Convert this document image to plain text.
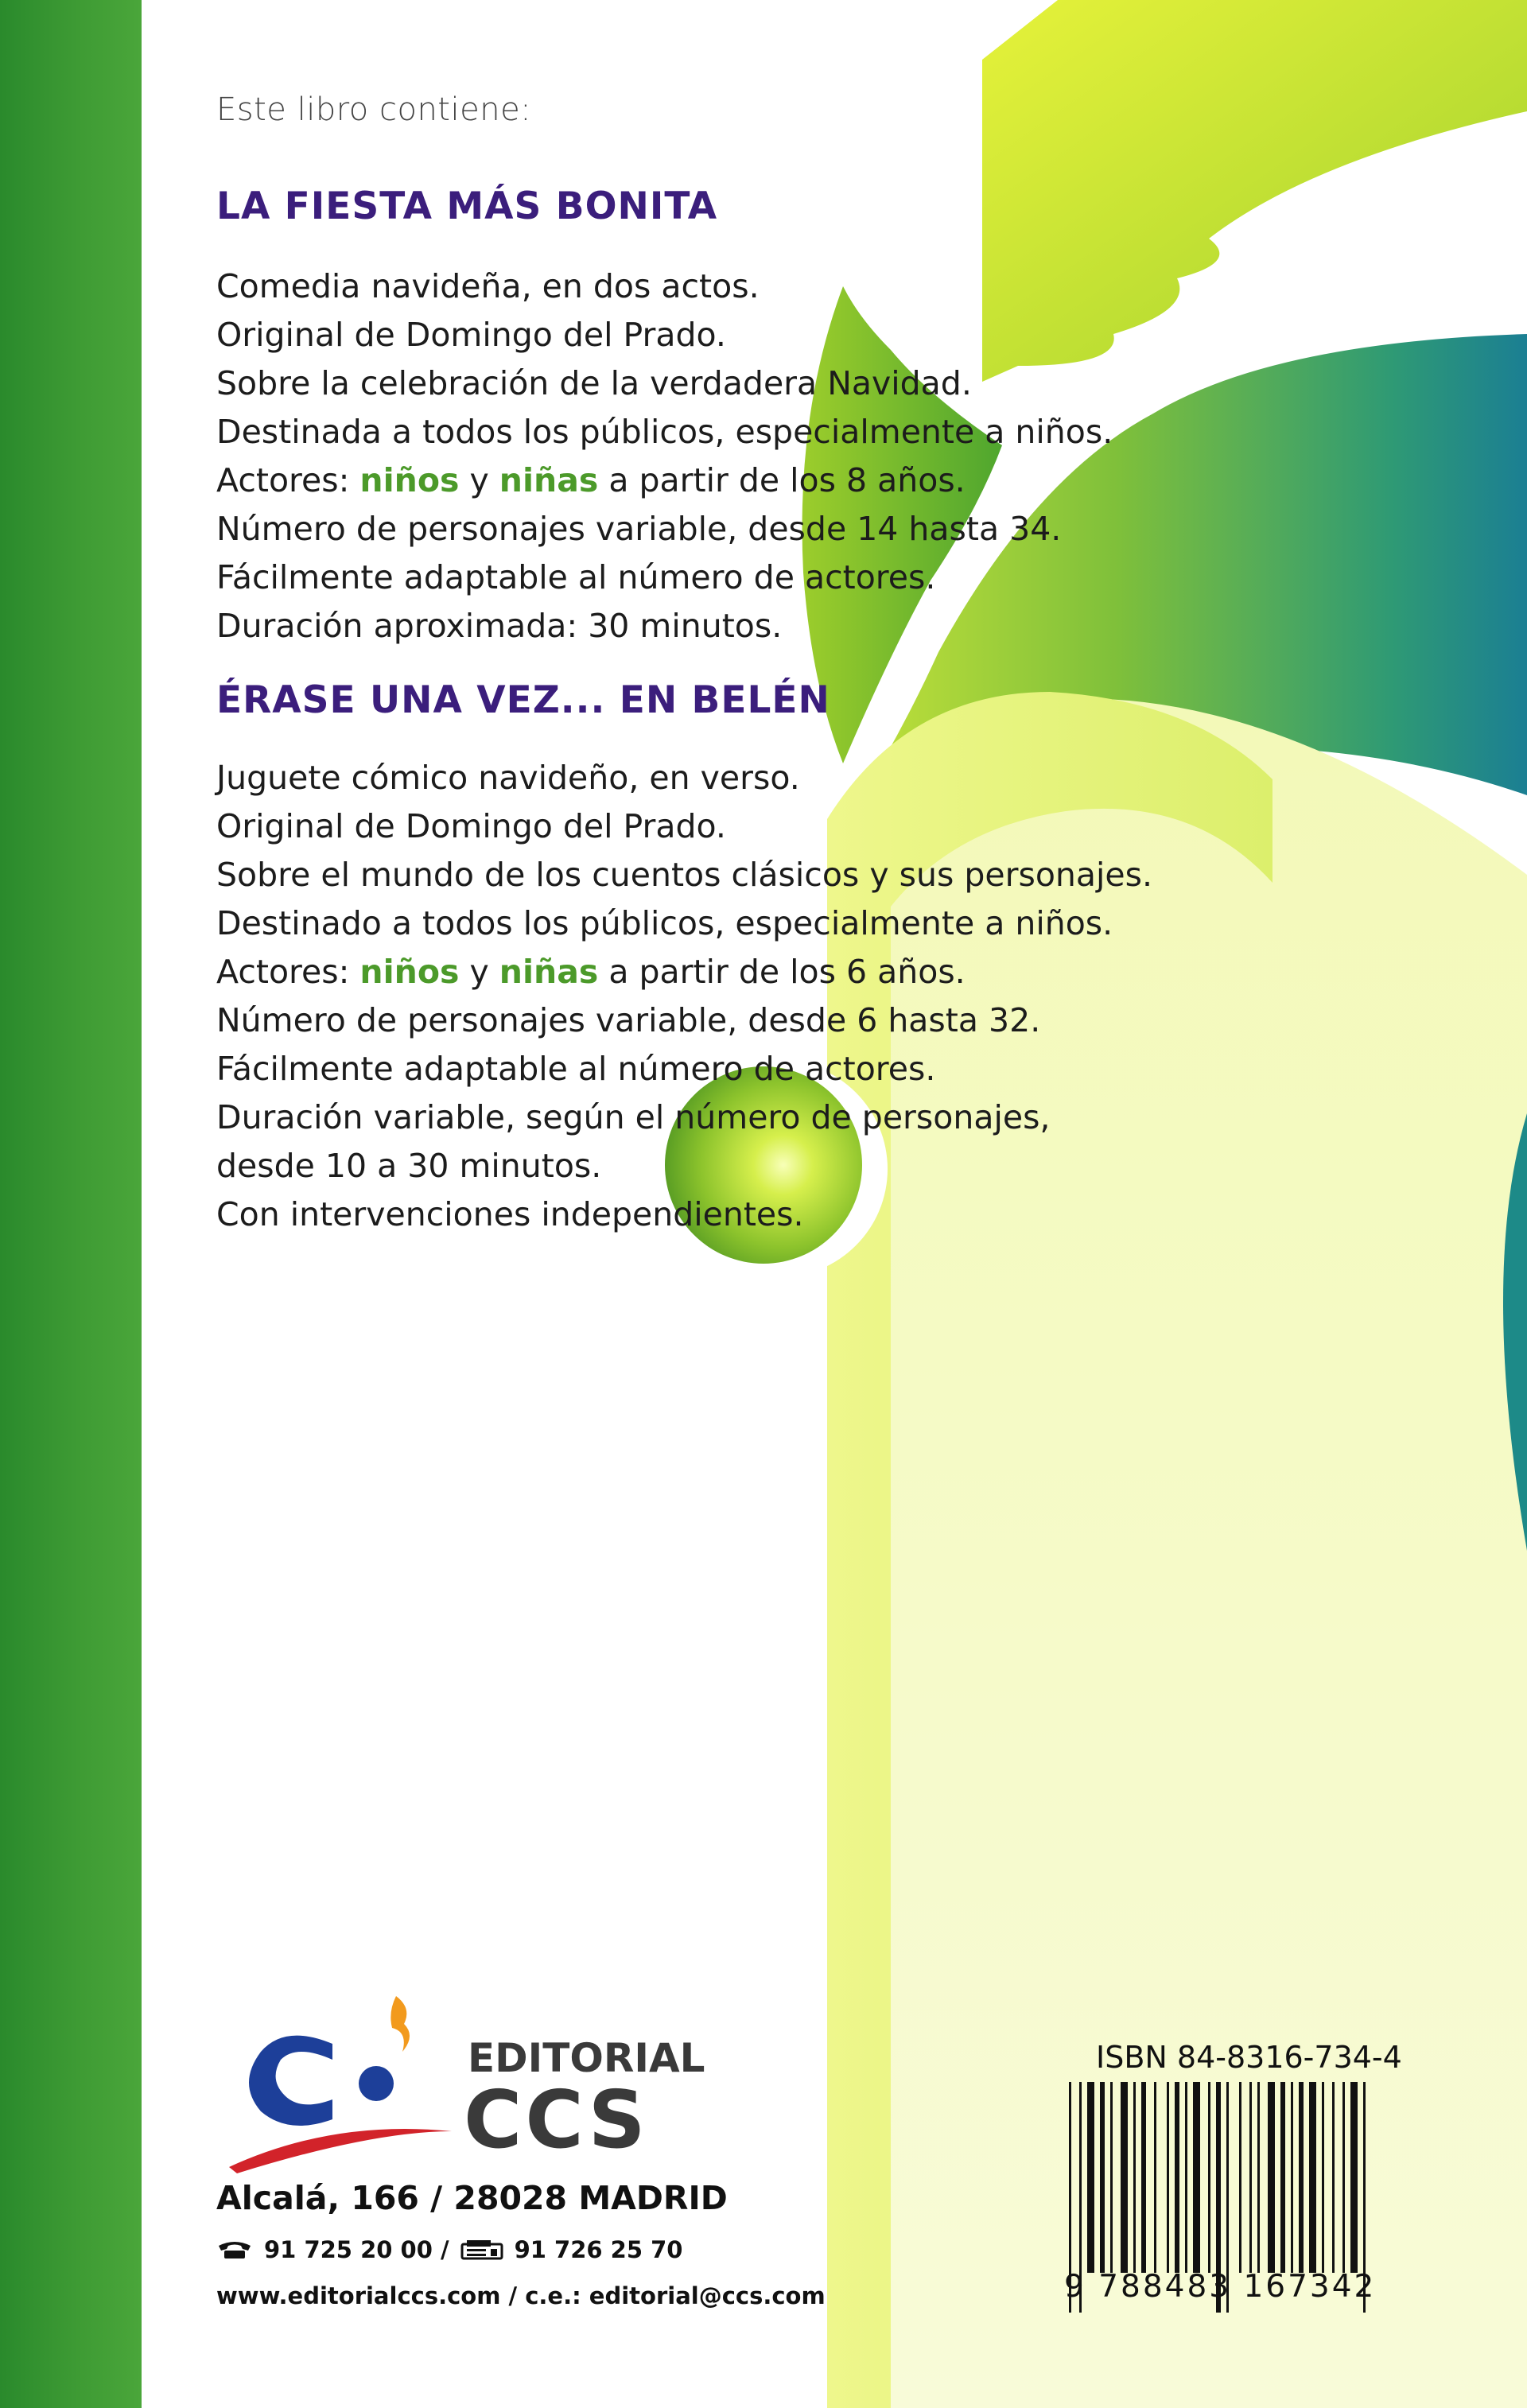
Este libro contiene:

LA FIESTA MÁS BONITA
Comedia navideña, en dos actos.
Original de Domingo del Prado.
Sobre la celebración de la verdadera Navidad.
Destinada a todos los públicos, especialmente a niños.
Actores: niños y niñas a partir de los 8 años.
Número de personajes variable, desde 14 hasta 34.
Fácilmente adaptable al número de actores.
Duración aproximada: 30 minutos.
ÉRASE UNA VEZ... EN BELÉN
Juguete cómico navideño, en verso.
Original de Domingo del Prado.
Sobre el mundo de los cuentos clásicos y sus personajes.
Destinado a todos los públicos, especialmente a niños.
Actores: niños y niñas a partir de los 6 años.
Número de personajes variable, desde 6 hasta 32.
Fácilmente adaptable al número de actores.
Duración variable, según el número de personajes,
desde 10 a 30 minutos.
Con intervenciones independientes.
EDITORIAL
CCS
Alcalá, 166 / 28028 MADRID
91 725 20 00 /	91 726 25 70
www.editorialccs.com / c.e.: editorial@ccs.com
ISBN 84-8316-734-4
9 788483 167342
